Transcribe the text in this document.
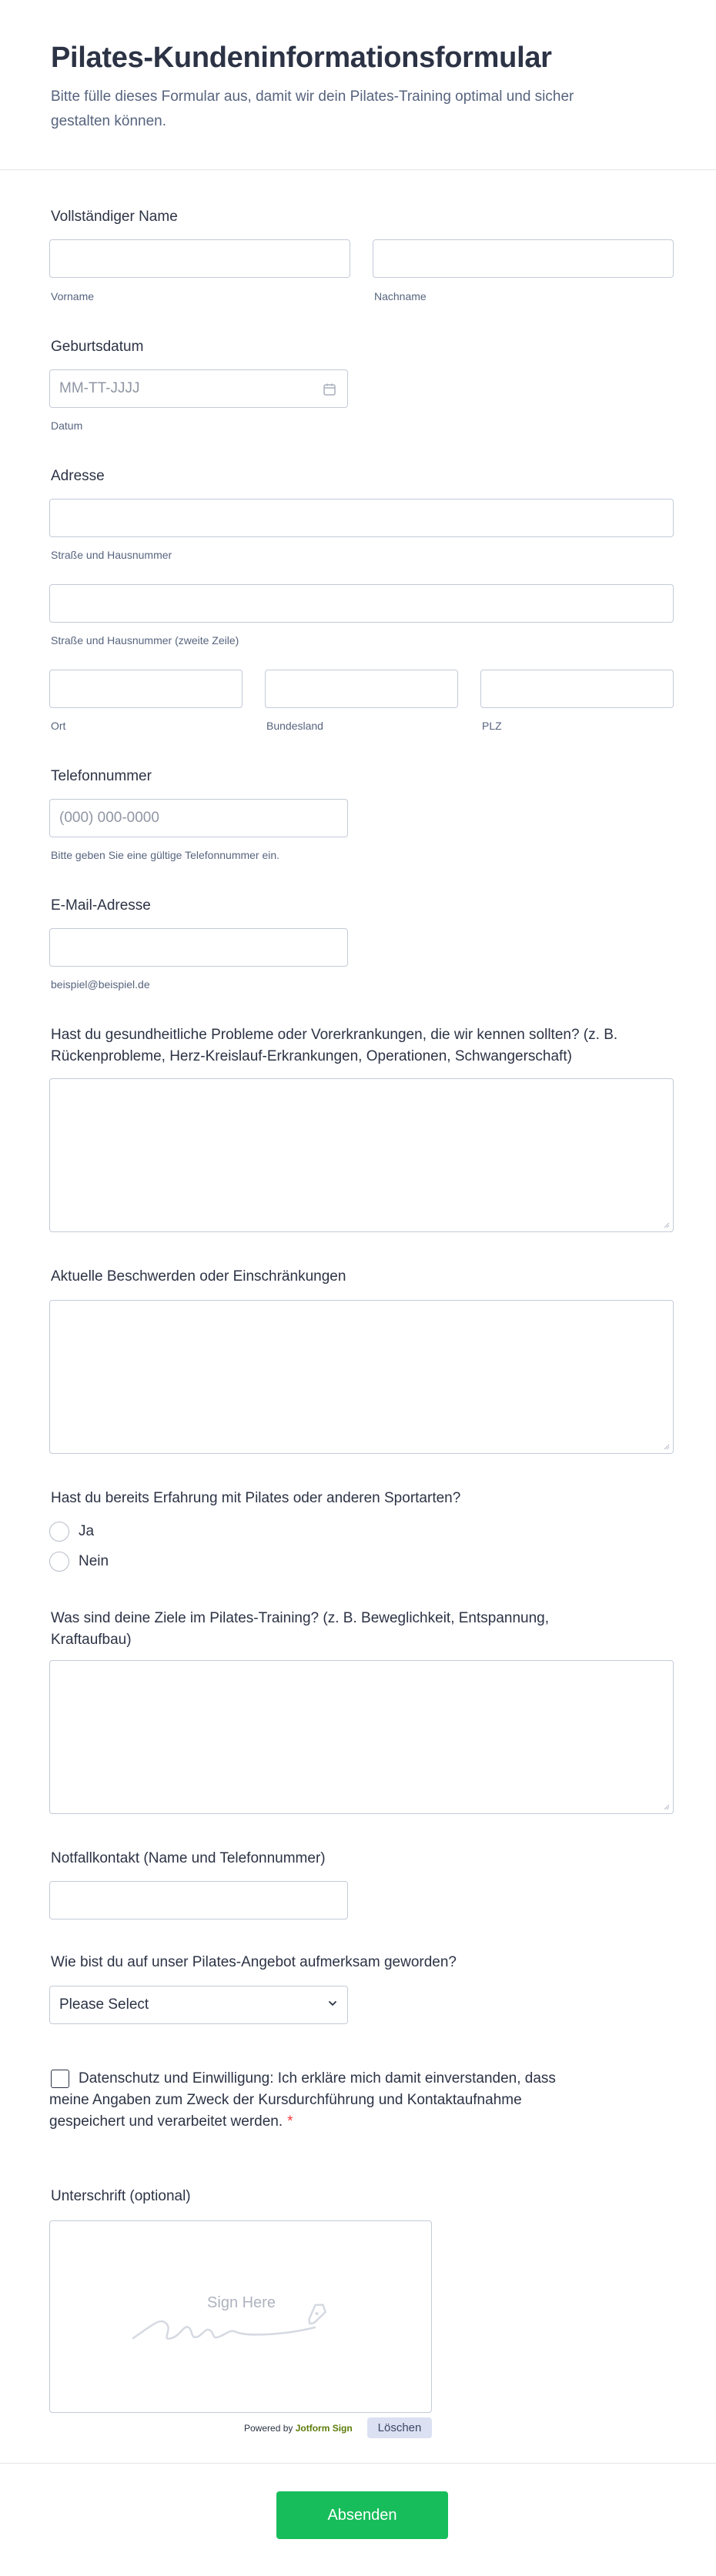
Pilates-Kundeninformationsformular

Bitte fülle dieses Formular aus, damit wir dein Pilates-Training optimal und sicher gestalten können.

Vollständiger Name
Vorname	Nachname
Geburtsdatum
MM-TT-JJJJ
Datum
Adresse
Straße und Hausnummer
Straße und Hausnummer (zweite Zeile)
Ort	Bundesland	PLZ
Telefonnummer
(000) 000-0000
Bitte geben Sie eine gültige Telefonnummer ein.
E-Mail-Adresse
beispiel@beispiel.de
Hast du gesundheitliche Probleme oder Vorerkrankungen, die wir kennen sollten? (z. B. Rückenprobleme, Herz-Kreislauf-Erkrankungen, Operationen, Schwangerschaft)
Aktuelle Beschwerden oder Einschränkungen
Hast du bereits Erfahrung mit Pilates oder anderen Sportarten?
Ja
Nein
Was sind deine Ziele im Pilates-Training? (z. B. Beweglichkeit, Entspannung, Kraftaufbau)
Notfallkontakt (Name und Telefonnummer)
Wie bist du auf unser Pilates-Angebot aufmerksam geworden?
Please Select
Datenschutz und Einwilligung: Ich erkläre mich damit einverstanden, dass meine Angaben zum Zweck der Kursdurchführung und Kontaktaufnahme gespeichert und verarbeitet werden. *
Unterschrift (optional)
Sign Here
Powered by Jotform Sign	Löschen
Absenden
